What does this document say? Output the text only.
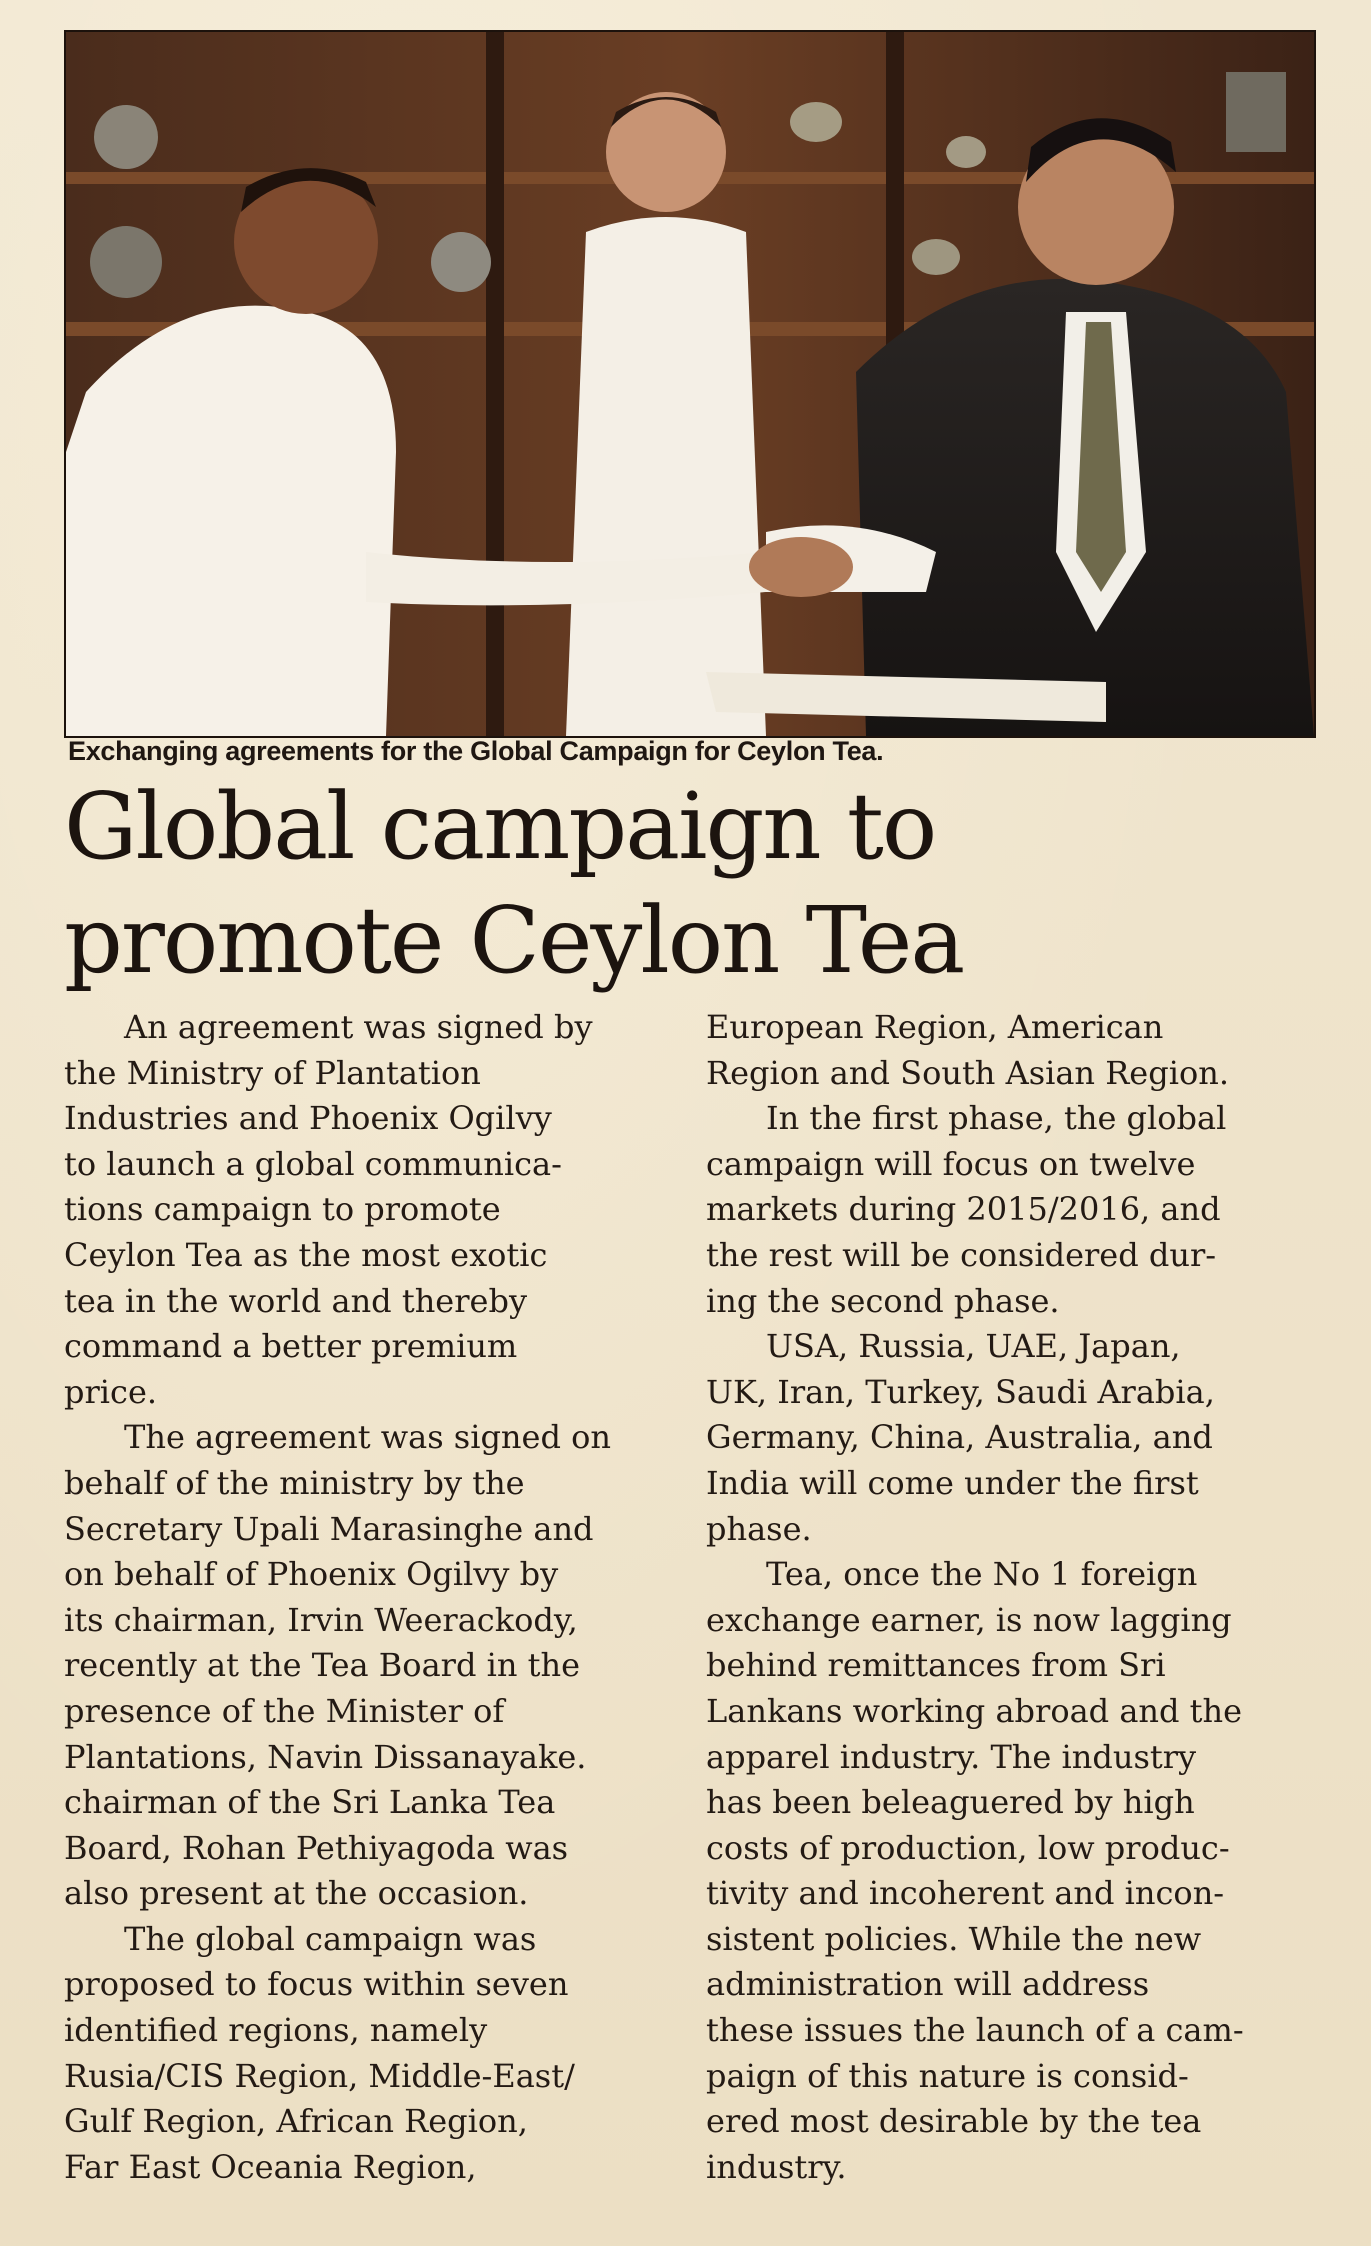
Exchanging agreements for the Global Campaign for Ceylon Tea.
Global campaign to
promote Ceylon Tea

An agreement was signed by

the Ministry of Plantation

Industries and Phoenix Ogilvy

to launch a global communica-

tions campaign to promote

Ceylon Tea as the most exotic

tea in the world and thereby

command a better premium

price.

The agreement was signed on

behalf of the ministry by the

Secretary Upali Marasinghe and

on behalf of Phoenix Ogilvy by

its chairman, Irvin Weerackody,

recently at the Tea Board in the

presence of the Minister of

Plantations, Navin Dissanayake.

chairman of the Sri Lanka Tea

Board, Rohan Pethiyagoda was

also present at the occasion.

The global campaign was

proposed to focus within seven

identified regions, namely

Rusia/CIS Region, Middle-East/

Gulf Region, African Region,

Far East Oceania Region,

European Region, American

Region and South Asian Region.

In the first phase, the global

campaign will focus on twelve

markets during 2015/2016, and

the rest will be considered dur-

ing the second phase.

USA, Russia, UAE, Japan,

UK, Iran, Turkey, Saudi Arabia,

Germany, China, Australia, and

India will come under the first

phase.

Tea, once the No 1 foreign

exchange earner, is now lagging

behind remittances from Sri

Lankans working abroad and the

apparel industry. The industry

has been beleaguered by high

costs of production, low produc-

tivity and incoherent and incon-

sistent policies. While the new

administration will address

these issues the launch of a cam-

paign of this nature is consid-

ered most desirable by the tea

industry.
